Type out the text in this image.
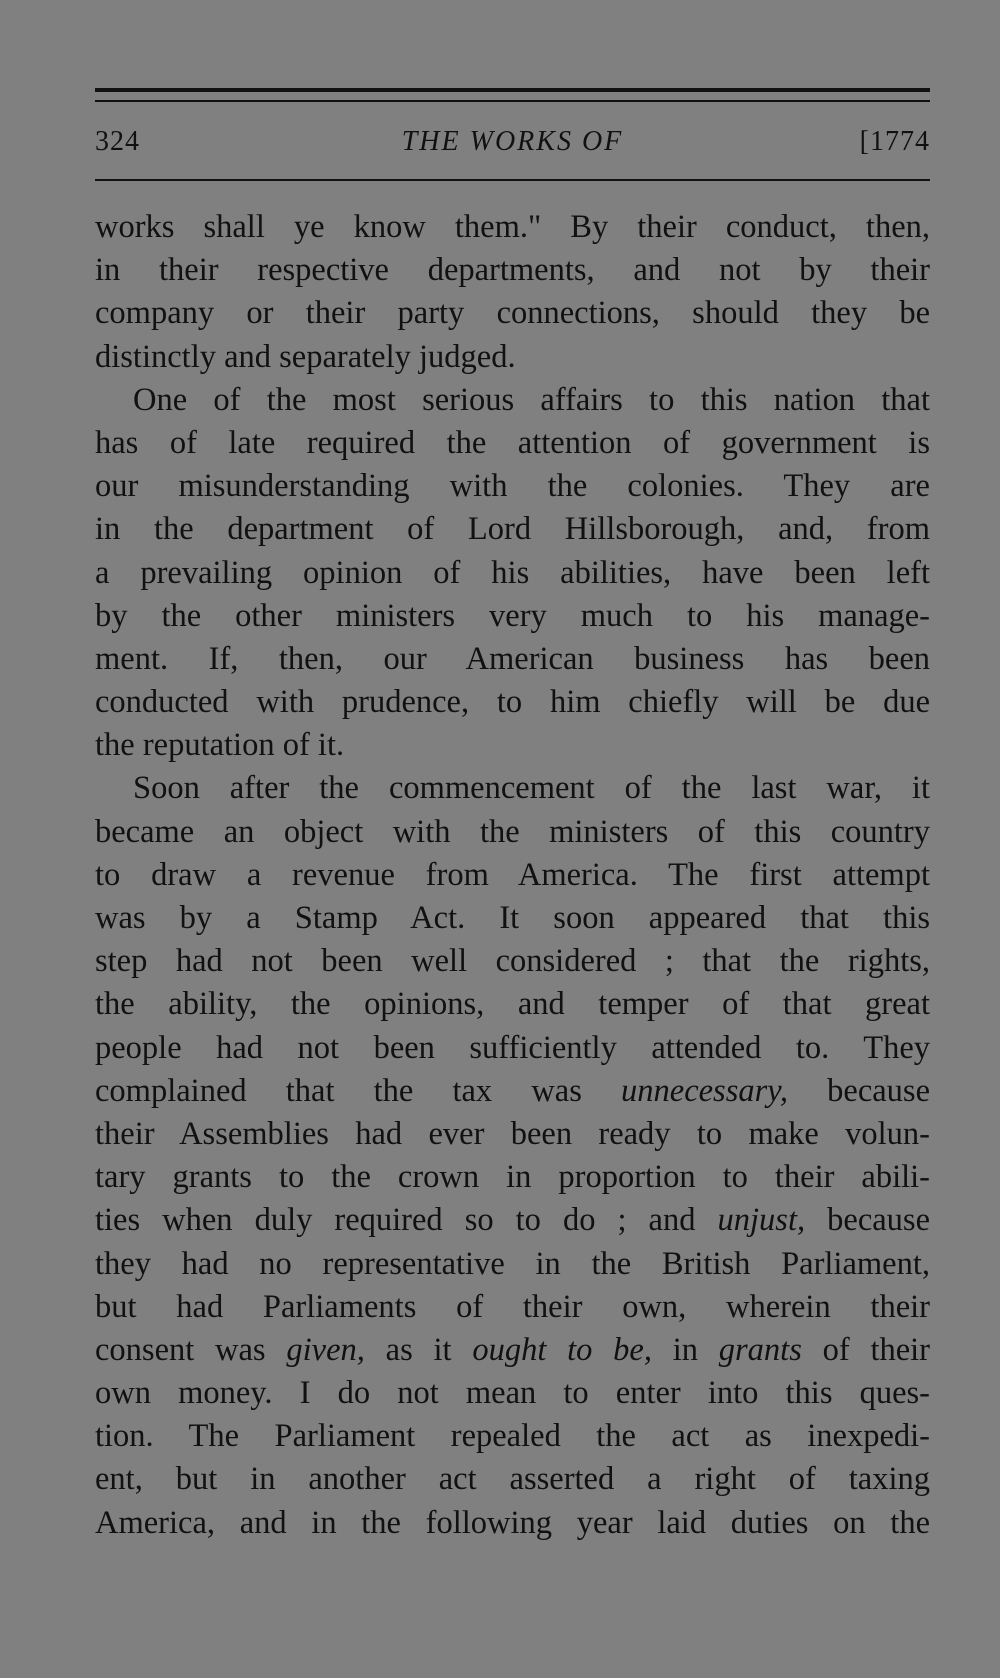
324	THE WORKS OF	[1774
works shall ye know them." By their conduct, then,
in their respective departments, and not by their
company or their party connections, should they be
distinctly and separately judged.
One of the most serious affairs to this nation that
has of late required the attention of government is
our misunderstanding with the colonies. They are
in the department of Lord Hillsborough, and, from
a prevailing opinion of his abilities, have been left
by the other ministers very much to his manage-
ment. If, then, our American business has been
conducted with prudence, to him chiefly will be due
the reputation of it.
Soon after the commencement of the last war, it
became an object with the ministers of this country
to draw a revenue from America. The first attempt
was by a Stamp Act. It soon appeared that this
step had not been well considered ; that the rights,
the ability, the opinions, and temper of that great
people had not been sufficiently attended to. They
complained that the tax was unnecessary, because
their Assemblies had ever been ready to make volun-
tary grants to the crown in proportion to their abili-
ties when duly required so to do ; and unjust, because
they had no representative in the British Parliament,
but had Parliaments of their own, wherein their
consent was given, as it ought to be, in grants of their
own money. I do not mean to enter into this ques-
tion. The Parliament repealed the act as inexpedi-
ent, but in another act asserted a right of taxing
America, and in the following year laid duties on the
